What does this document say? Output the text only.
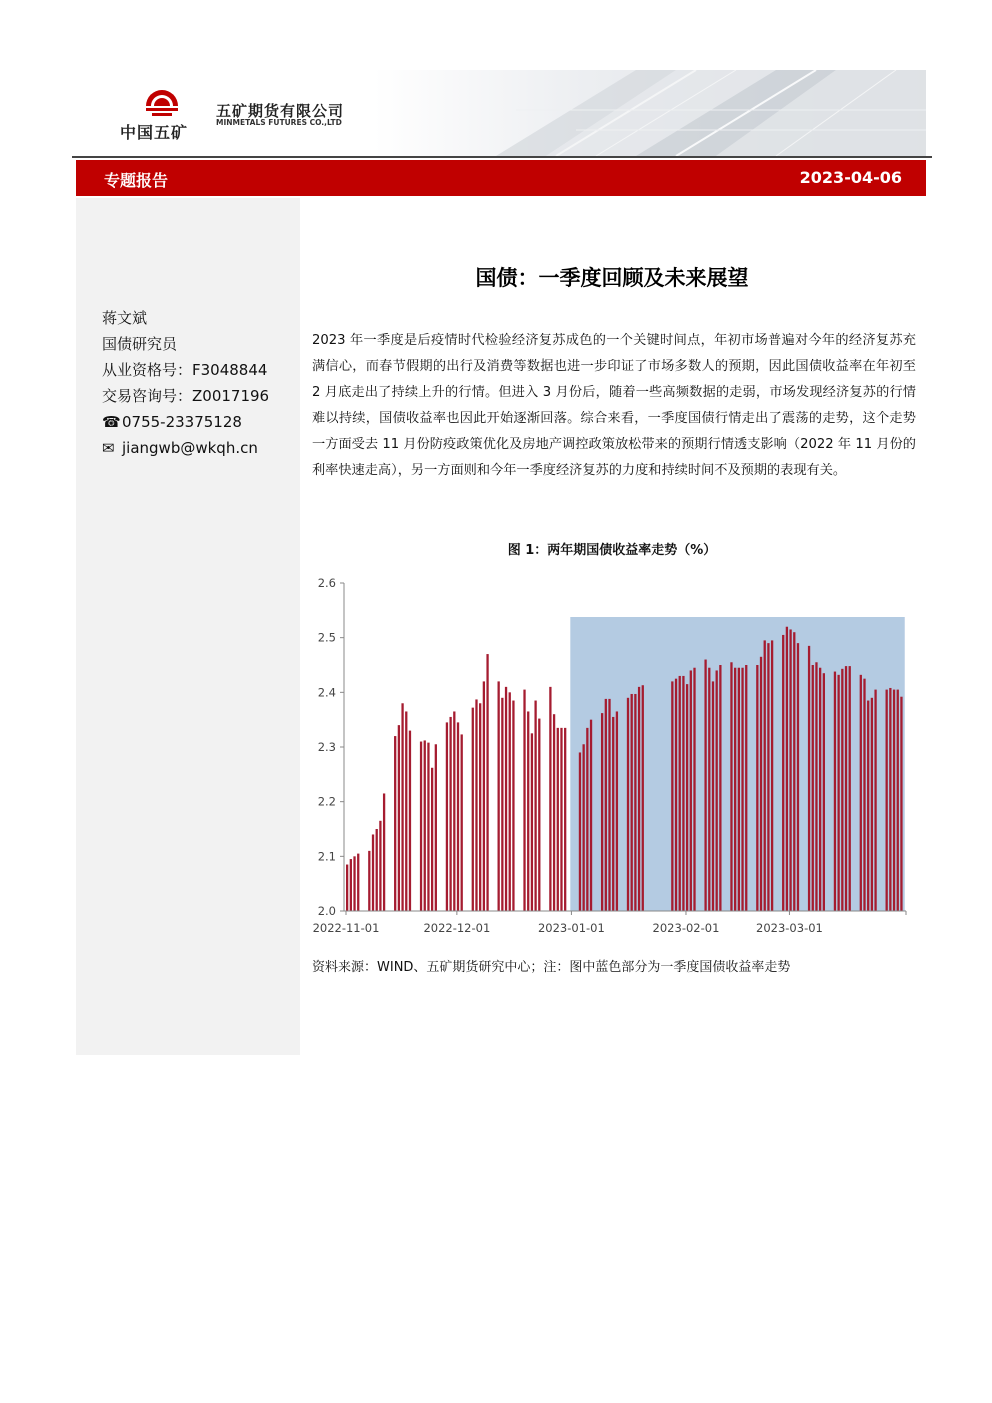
中国五矿
五矿期货有限公司
MINMETALS FUTURES CO.,LTD
专题报告	2023-04-06
蒋文斌
国债研究员
从业资格号：F3048844
交易咨询号：Z0017196
☎0755-23375128
✉ jiangwb@wkqh.cn
国债：一季度回顾及未来展望
2023 年一季度是后疫情时代检验经济复苏成色的一个关键时间点，年初市场普遍对今年的经济复苏充满信心，而春节假期的出行及消费等数据也进一步印证了市场多数人的预期，因此国债收益率在年初至 2 月底走出了持续上升的行情。但进入 3 月份后，随着一些高频数据的走弱，市场发现经济复苏的行情难以持续，国债收益率也因此开始逐渐回落。综合来看，一季度国债行情走出了震荡的走势，这个走势一方面受去 11 月份防疫政策优化及房地产调控政策放松带来的预期行情透支影响（2022 年 11 月份的利率快速走高），另一方面则和今年一季度经济复苏的力度和持续时间不及预期的表现有关。
图 1：两年期国债收益率走势（%）
2.0
2.1
2.2
2.3
2.4
2.5
2.6
2022-11-01	2022-12-01	2023-01-01	2023-02-01	2023-03-01
资料来源：WIND、五矿期货研究中心；注：图中蓝色部分为一季度国债收益率走势
